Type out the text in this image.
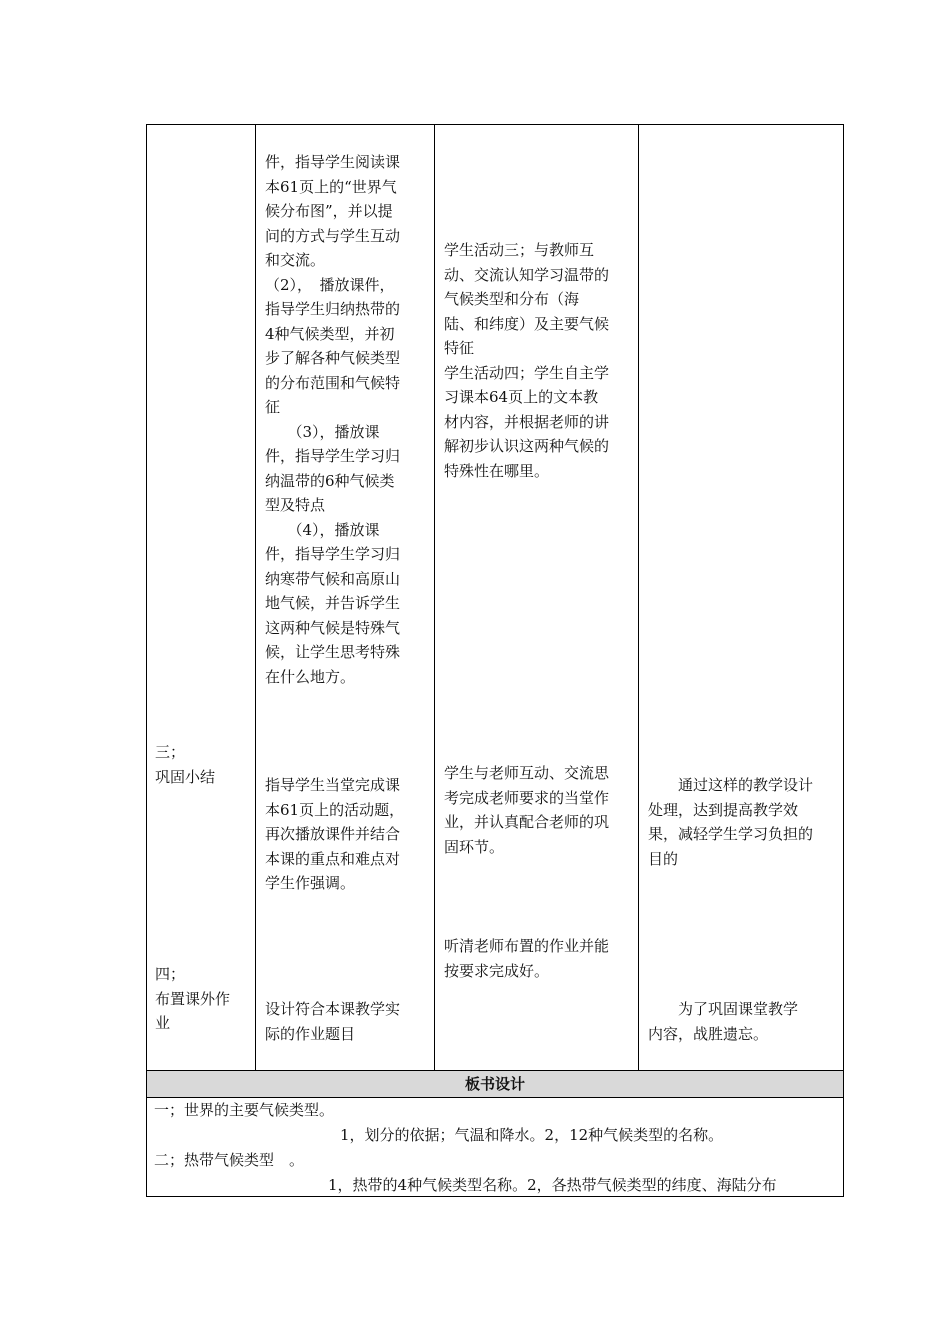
三；
巩固小结
四；
布置课外作
业
件，指导学生阅读课
本61页上的“世界气
候分布图”，并以提
问的方式与学生互动
和交流。
（2），　播放课件，
指导学生归纳热带的
4种气候类型，并初
步了解各种气候类型
的分布范围和气候特
征
　　（3），播放课
件，指导学生学习归
纳温带的6种气候类
型及特点
　　（4），播放课
件，指导学生学习归
纳寒带气候和高原山
地气候，并告诉学生
这两种气候是特殊气
候，让学生思考特殊
在什么地方。
指导学生当堂完成课
本61页上的活动题，
再次播放课件并结合
本课的重点和难点对
学生作强调。
设计符合本课教学实
际的作业题目
学生活动三；与教师互
动、交流认知学习温带的
气候类型和分布（海
陆、和纬度）及主要气候
特征
学生活动四；学生自主学
习课本64页上的文本教
材内容，并根据老师的讲
解初步认识这两种气候的
特殊性在哪里。
学生与老师互动、交流思
考完成老师要求的当堂作
业，并认真配合老师的巩
固环节。
听清老师布置的作业并能
按要求完成好。
　　通过这样的教学设计
处理，达到提高教学效
果，减轻学生学习负担的
目的
　　为了巩固课堂教学
内容，战胜遗忘。
板书设计
一；世界的主要气候类型。
1，划分的依据；气温和降水。2，12种气候类型的名称。
二；热带气候类型　。
1，热带的4种气候类型名称。2，各热带气候类型的纬度、海陆分布
